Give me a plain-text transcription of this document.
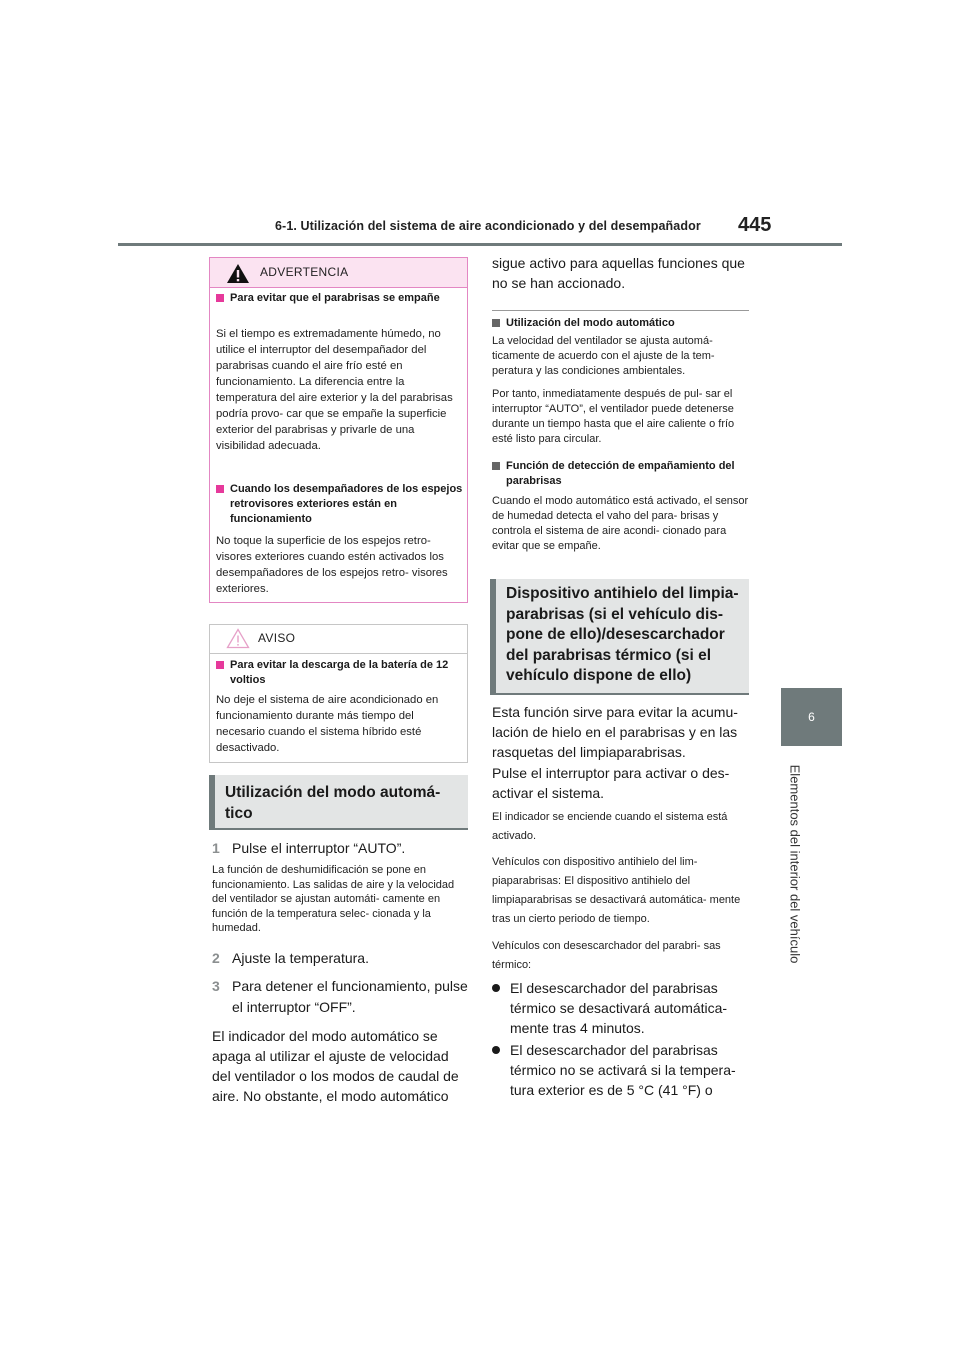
6-1. Utilización del sistema de aire acondicionado y del desempañador 445
6
Elementos del interior del vehículo
ADVERTENCIA
Para evitar que el parabrisas se empañe
Si el tiempo es extremadamente húmedo, no utilice el interruptor del desempañador del parabrisas cuando el aire frío esté en funcionamiento. La diferencia entre la temperatura del aire exterior y la del parabrisas podría provo- car que se empañe la superficie exterior del parabrisas y privarle de una visibilidad adecuada.
Cuando los desempañadores de los espejos retrovisores exteriores están en funcionamiento
No toque la superficie de los espejos retro- visores exteriores cuando estén activados los desempañadores de los espejos retro- visores exteriores.
AVISO
Para evitar la descarga de la batería de 12 voltios
No deje el sistema de aire acondicionado en funcionamiento durante más tiempo del necesario cuando el sistema híbrido esté desactivado.
Utilización del modo automá- tico
1 Pulse el interruptor “AUTO”.
La función de deshumidificación se pone en funcionamiento. Las salidas de aire y la velocidad del ventilador se ajustan automáti- camente en función de la temperatura selec- cionada y la humedad.
2 Ajuste la temperatura.
3 Para detener el funcionamiento, pulse el interruptor “OFF”.
El indicador del modo automático se apaga al utilizar el ajuste de velocidad del ventilador o los modos de caudal de aire. No obstante, el modo automático
sigue activo para aquellas funciones que no se han accionado.
Utilización del modo automático
La velocidad del ventilador se ajusta automá- ticamente de acuerdo con el ajuste de la tem- peratura y las condiciones ambientales.
Por tanto, inmediatamente después de pul- sar el interruptor “AUTO”, el ventilador puede detenerse durante un tiempo hasta que el aire caliente o frío esté listo para circular.
Función de detección de empañamiento del parabrisas
Cuando el modo automático está activado, el sensor de humedad detecta el vaho del para- brisas y controla el sistema de aire acondi- cionado para evitar que se empañe.
Dispositivo antihielo del limpia- parabrisas (si el vehículo dis- pone de ello)/desescarchador del parabrisas térmico (si el vehículo dispone de ello)
Esta función sirve para evitar la acumu- lación de hielo en el parabrisas y en las rasquetas del limpiaparabrisas.
Pulse el interruptor para activar o des- activar el sistema.
El indicador se enciende cuando el sistema está activado.
Vehículos con dispositivo antihielo del lim- piaparabrisas: El dispositivo antihielo del limpiaparabrisas se desactivará automática- mente tras un cierto periodo de tiempo.
Vehículos con desescarchador del parabri- sas térmico:
El desescarchador del parabrisas térmico se desactivará automática- mente tras 4 minutos.
El desescarchador del parabrisas térmico no se activará si la tempera- tura exterior es de 5 °C (41 °F) o
